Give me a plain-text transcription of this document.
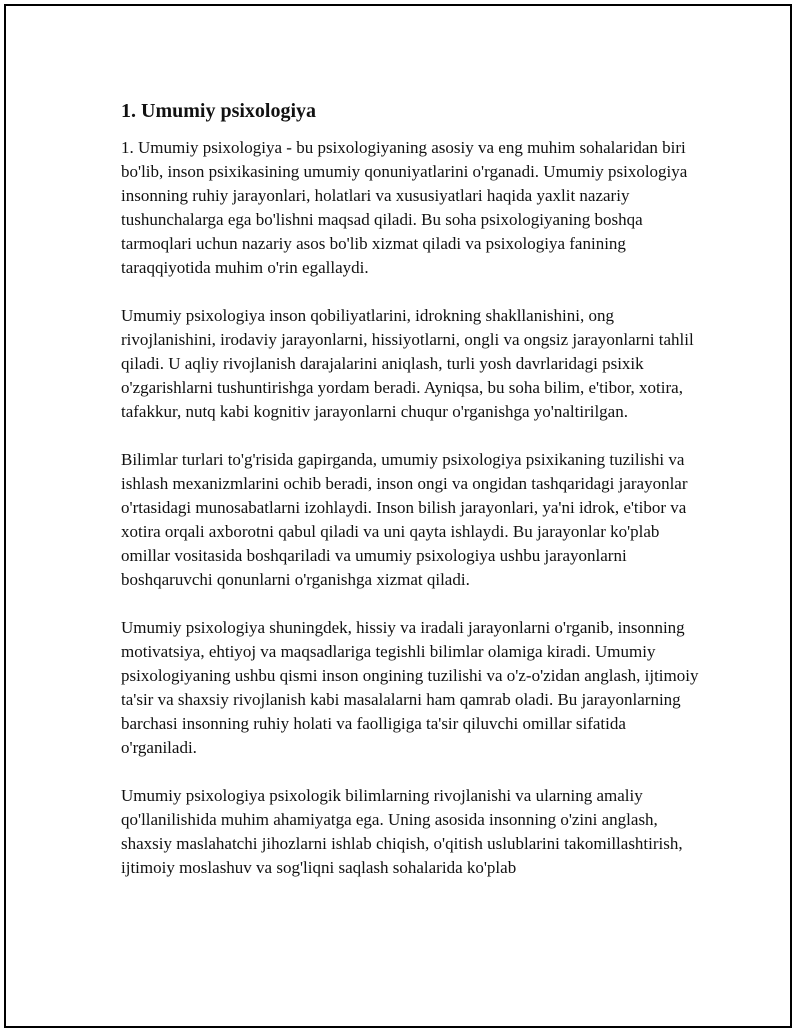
1. Umumiy psixologiya

1. Umumiy psixologiya - bu psixologiyaning asosiy va eng muhim sohalaridan biri bo'lib, inson psixikasining umumiy qonuniyatlarini o'rganadi. Umumiy psixologiya insonning ruhiy jarayonlari, holatlari va xususiyatlari haqida yaxlit nazariy tushunchalarga ega bo'lishni maqsad qiladi. Bu soha psixologiyaning boshqa tarmoqlari uchun nazariy asos bo'lib xizmat qiladi va psixologiya fanining taraqqiyotida muhim o'rin egallaydi.

Umumiy psixologiya inson qobiliyatlarini, idrokning shakllanishini, ong rivojlanishini, irodaviy jarayonlarni, hissiyotlarni, ongli va ongsiz jarayonlarni tahlil qiladi. U aqliy rivojlanish darajalarini aniqlash, turli yosh davrlaridagi psixik o'zgarishlarni tushuntirishga yordam beradi. Ayniqsa, bu soha bilim, e'tibor, xotira, tafakkur, nutq kabi kognitiv jarayonlarni chuqur o'rganishga yo'naltirilgan.

Bilimlar turlari to'g'risida gapirganda, umumiy psixologiya psixikaning tuzilishi va ishlash mexanizmlarini ochib beradi, inson ongi va ongidan tashqaridagi jarayonlar o'rtasidagi munosabatlarni izohlaydi. Inson bilish jarayonlari, ya'ni idrok, e'tibor va xotira orqali axborotni qabul qiladi va uni qayta ishlaydi. Bu jarayonlar ko'plab omillar vositasida boshqariladi va umumiy psixologiya ushbu jarayonlarni boshqaruvchi qonunlarni o'rganishga xizmat qiladi.

Umumiy psixologiya shuningdek, hissiy va iradali jarayonlarni o'rganib, insonning motivatsiya, ehtiyoj va maqsadlariga tegishli bilimlar olamiga kiradi. Umumiy psixologiyaning ushbu qismi inson ongining tuzilishi va o'z-o'zidan anglash, ijtimoiy ta'sir va shaxsiy rivojlanish kabi masalalarni ham qamrab oladi. Bu jarayonlarning barchasi insonning ruhiy holati va faolligiga ta'sir qiluvchi omillar sifatida o'rganiladi.

Umumiy psixologiya psixologik bilimlarning rivojlanishi va ularning amaliy qo'llanilishida muhim ahamiyatga ega. Uning asosida insonning o'zini anglash, shaxsiy maslahatchi jihozlarni ishlab chiqish, o'qitish uslublarini takomillashtirish, ijtimoiy moslashuv va sog'liqni saqlash sohalarida ko'plab
